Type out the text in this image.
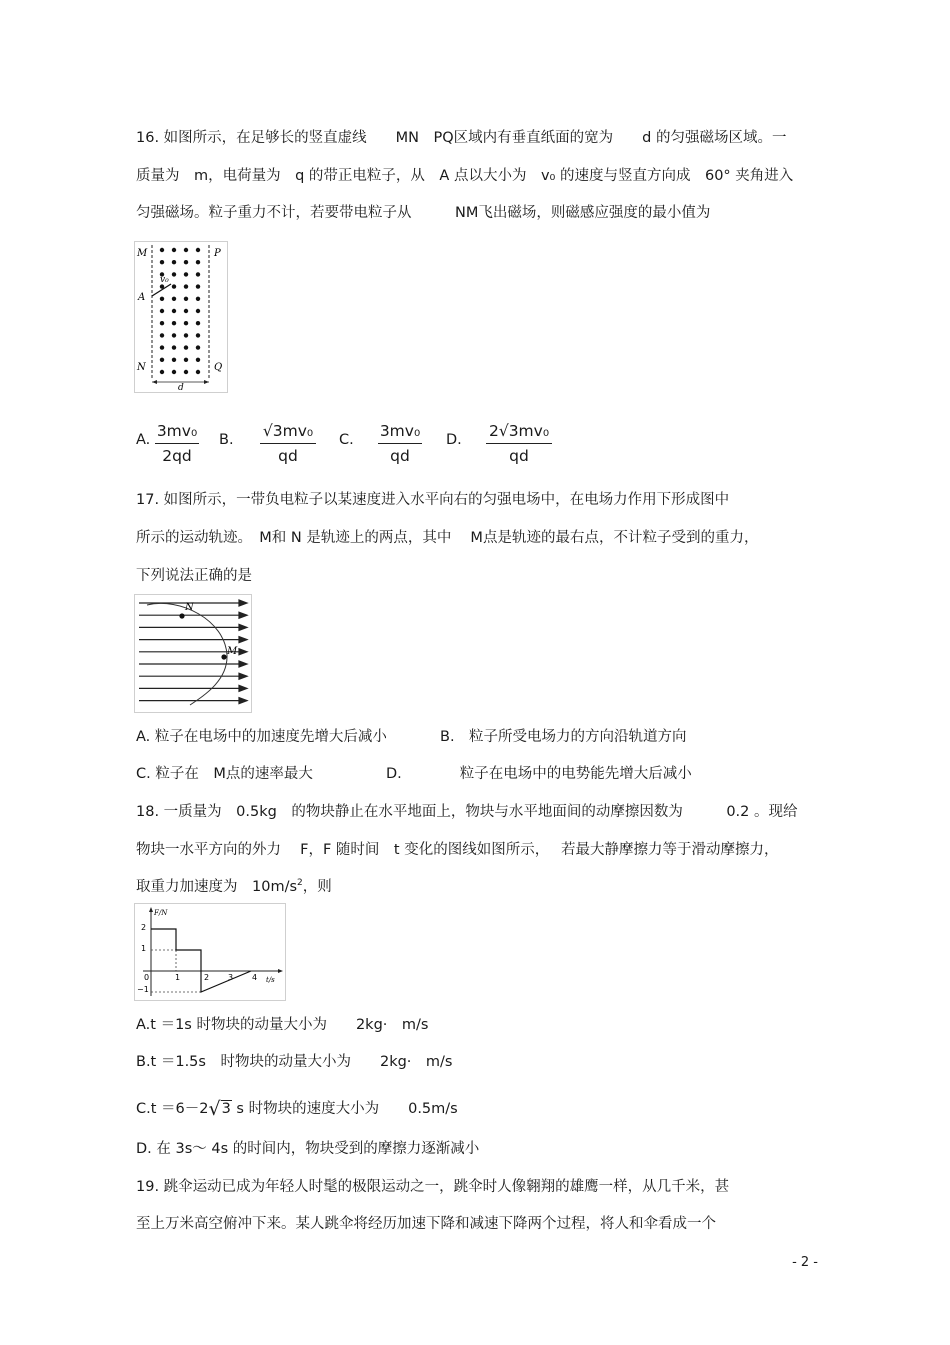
16. 如图所示，在足够长的竖直虚线　　MN　PQ区域内有垂直纸面的宽为　　d 的匀强磁场区域。一
质量为　m，电荷量为　q 的带正电粒子，从　A 点以大小为　v₀ 的速度与竖直方向成　60° 夹角进入
匀强磁场。粒子重力不计，若要带电粒子从　　　NM飞出磁场，则磁感应强度的最小值为
M	P
A
v₀
N	Q
d
A. 3mv₀
2qd
B. √3mv₀
qd
C. 3mv₀
qd
D. 2√3mv₀
qd
17. 如图所示，一带负电粒子以某速度进入水平向右的匀强电场中，在电场力作用下形成图中
所示的运动轨迹。　M和 N 是轨迹上的两点，其中　 M点是轨迹的最右点，不计粒子受到的重力，
下列说法正确的是
N
M
A. 粒子在电场中的加速度先增大后减小	B.　粒子所受电场力的方向沿轨道方向
C. 粒子在　M点的速率最大	D.　　　　粒子在电场中的电势能先增大后减小
18. 一质量为　0.5kg　的物块静止在水平地面上，物块与水平地面间的动摩擦因数为　　　0.2 。现给
物块一水平方向的外力　 F，F 随时间　t 变化的图线如图所示，　 若最大静摩擦力等于滑动摩擦力，
取重力加速度为　$10m/s^2$，则
F/N
t/s
2
1
0
−1
1	2 3 4
A.t ＝1s 时物块的动量大小为　　2kg·　m/s
B.t ＝1.5s　时物块的动量大小为　　2kg·　m/s
C.t ＝6－2√3 s 时物块的速度大小为　　0.5m/s
D. 在 3s～ 4s 的时间内，物块受到的摩擦力逐渐减小
19. 跳伞运动已成为年轻人时髦的极限运动之一，跳伞时人像翱翔的雄鹰一样，从几千米，甚
至上万米高空俯冲下来。某人跳伞将经历加速下降和减速下降两个过程，将人和伞看成一个
- 2 -
